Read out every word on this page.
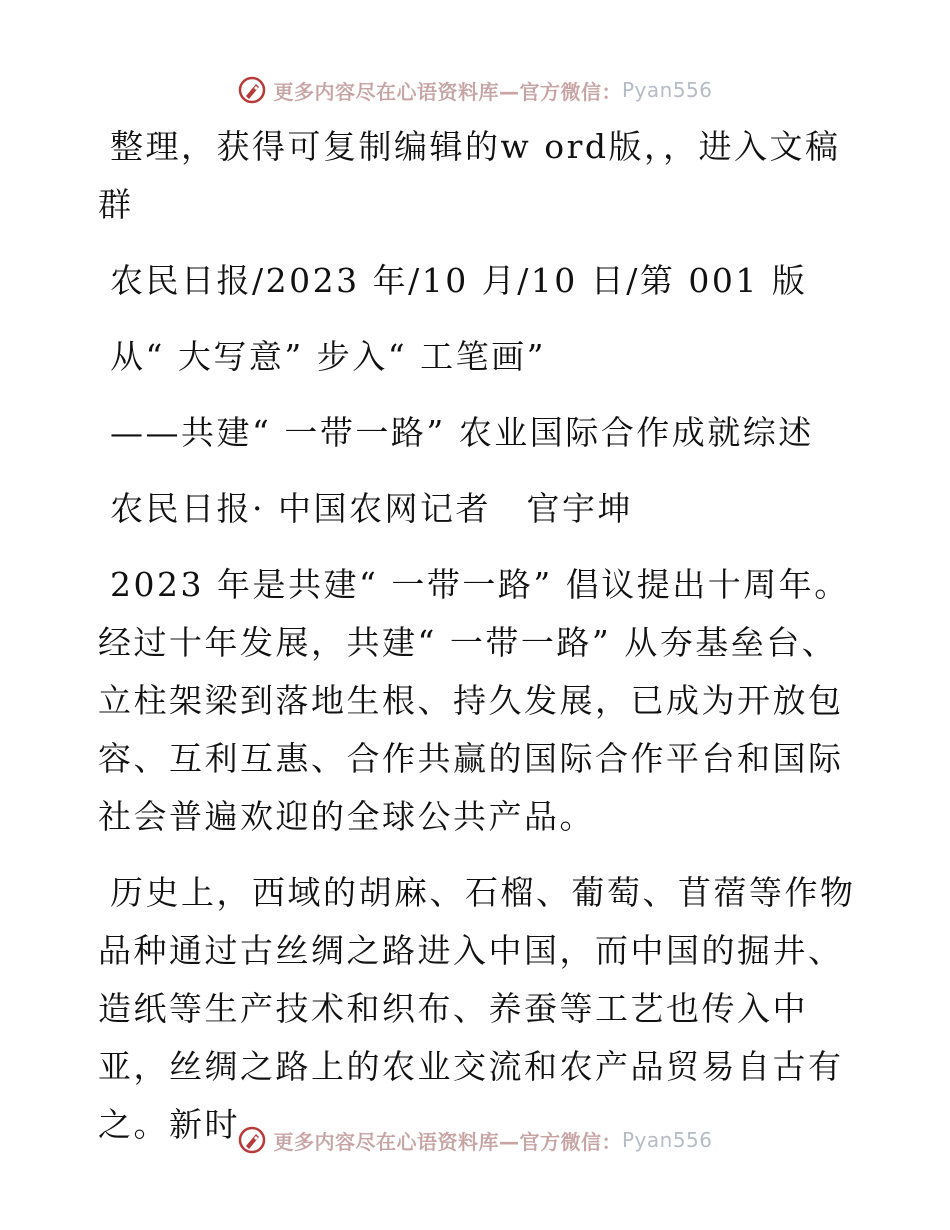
更多内容尽在心语资料库—官方微信： Pyan556

整理，获得可复制编辑的w ord版，，进入文稿群

农民日报/2023 年/10 月/10 日/第 001 版

从“ 大写意” 步入“ 工笔画”

——共建“ 一带一路” 农业国际合作成就综述

农民日报· 中国农网记者　官宇坤

2023 年是共建“ 一带一路” 倡议提出十周年。经过十年发展，共建“ 一带一路” 从夯基垒台、立柱架梁到落地生根、持久发展，已成为开放包容、互利互惠、合作共赢的国际合作平台和国际社会普遍欢迎的全球公共产品。

历史上，西域的胡麻、石榴、葡萄、苜蓿等作物品种通过古丝绸之路进入中国，而中国的掘井、造纸等生产技术和织布、养蚕等工艺也传入中亚，丝绸之路上的农业交流和农产品贸易自古有之。新时	更多内容尽在心语资料库—官方微信： Pyan556
